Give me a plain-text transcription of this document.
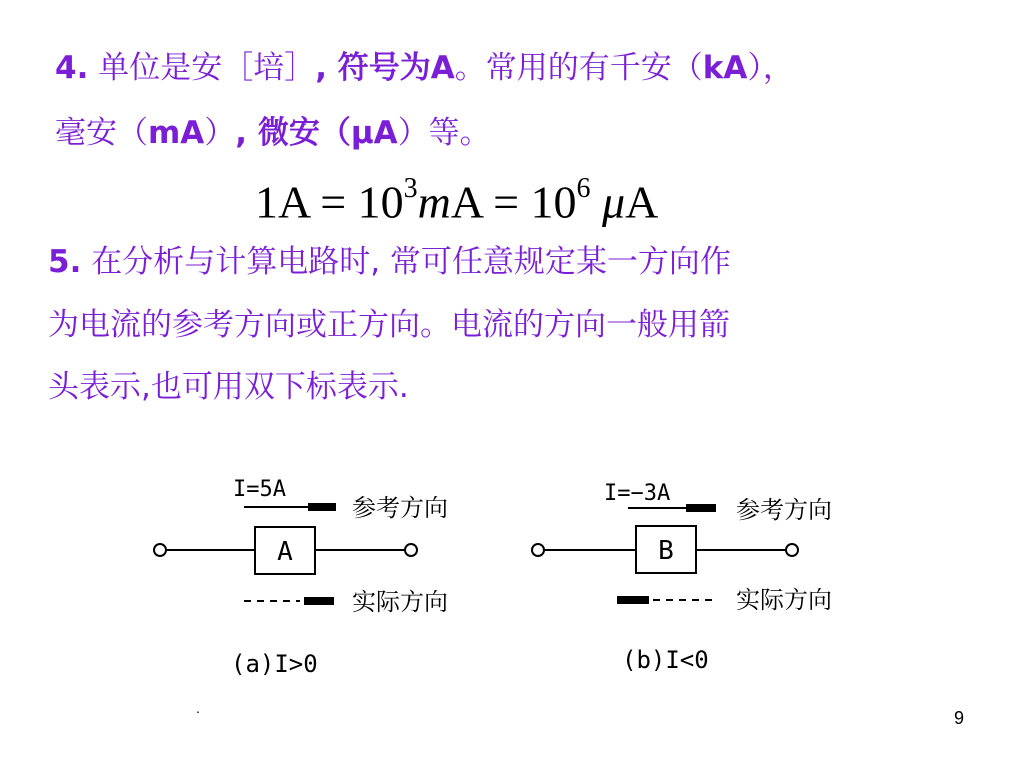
4. 单位是安［培］, 符号为A。常用的有千安（kA），
毫安（mA）, 微安（μA）等。
$1A = 10^3mA = 10^6$ μA
5. 在分析与计算电路时, 常可任意规定某一方向作
为电流的参考方向或正方向。电流的方向一般用箭
头表示,也可用双下标表示.
I=5A
参考方向
A
实际方向
(a)I>0
I=−3A
参考方向
B
实际方向
(b)I<0
.	9
